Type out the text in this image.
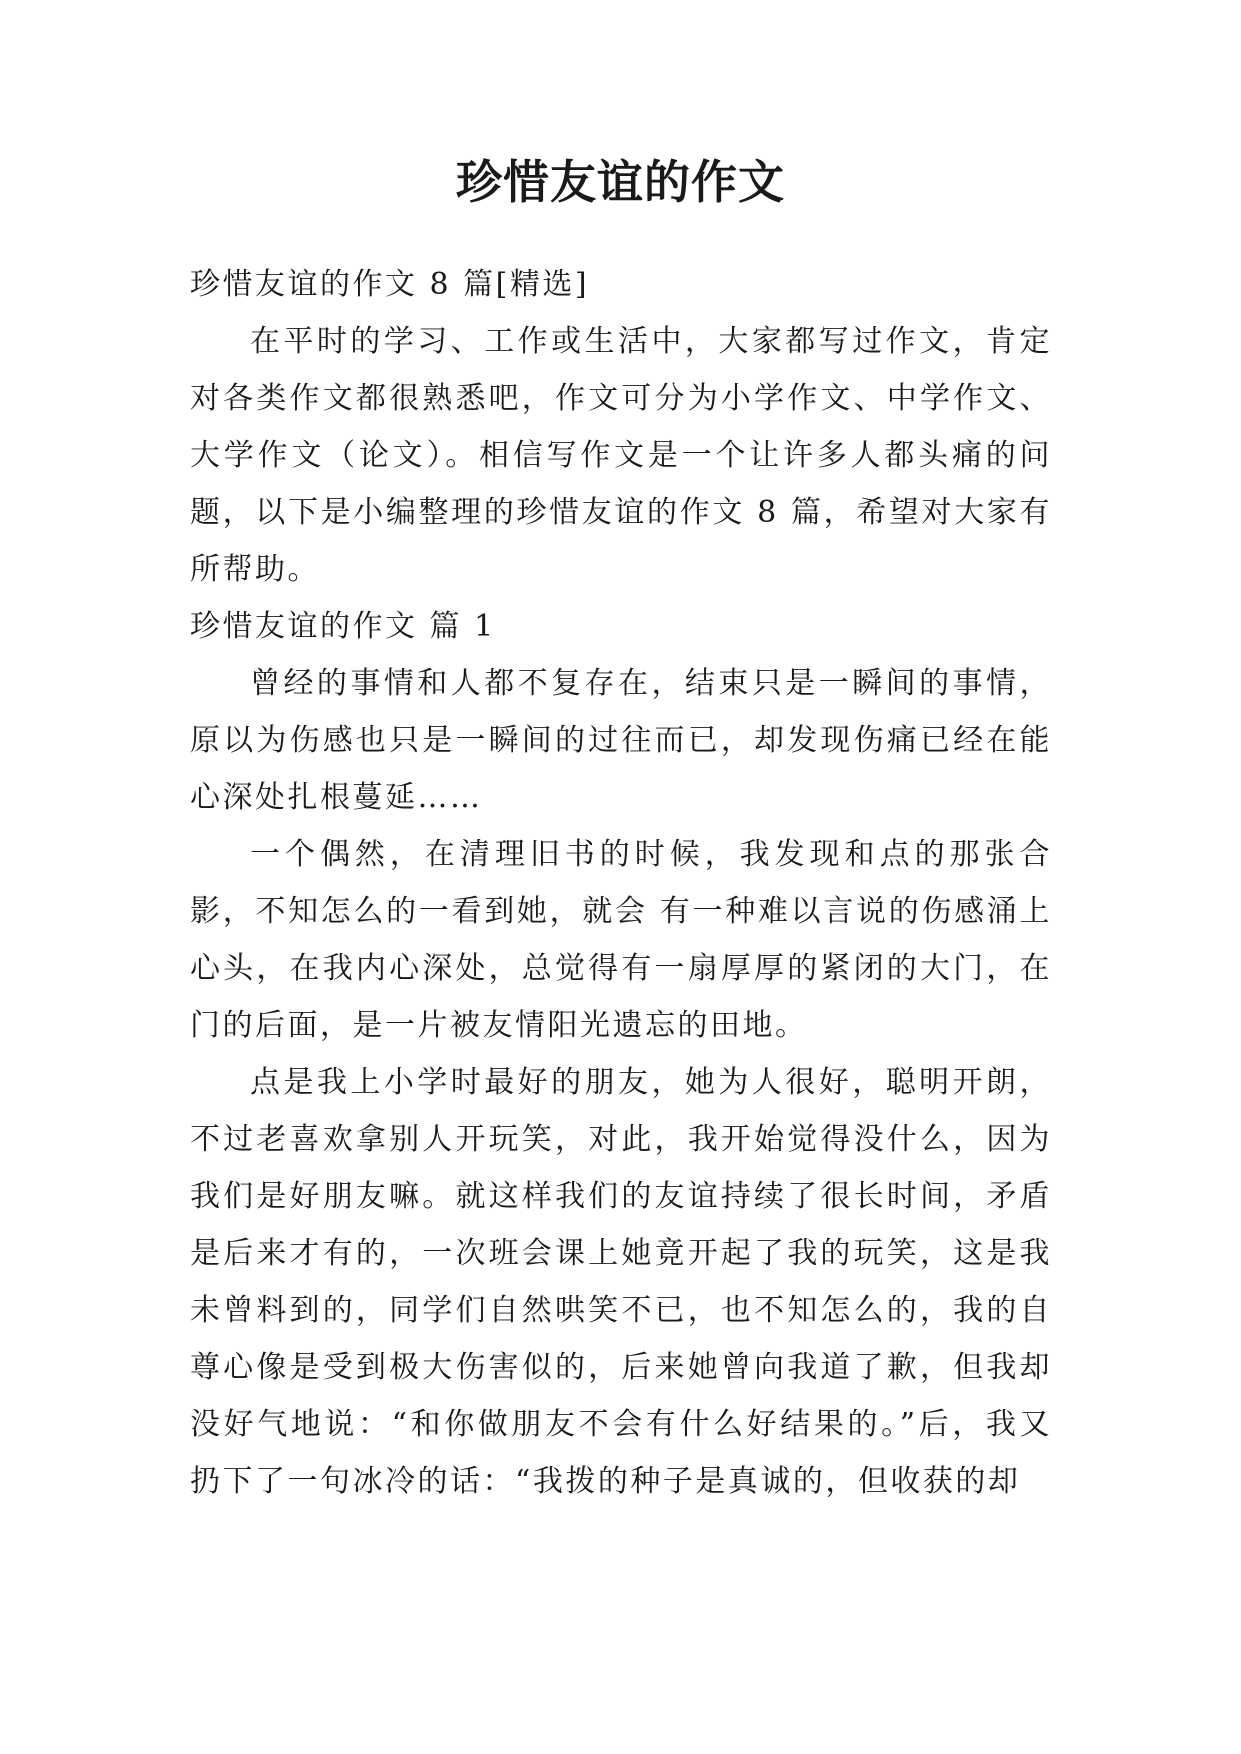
珍惜友谊的作文

珍惜友谊的作文 8 篇[精选]

在平时的学习、工作或生活中，大家都写过作文，肯定对各类作文都很熟悉吧，作文可分为小学作文、中学作文、大学作文（论文）。相信写作文是一个让许多人都头痛的问题，以下是小编整理的珍惜友谊的作文 8 篇，希望对大家有所帮助。

珍惜友谊的作文 篇 1

曾经的事情和人都不复存在，结束只是一瞬间的事情，原以为伤感也只是一瞬间的过往而已，却发现伤痛已经在能心深处扎根蔓延……

一个偶然，在清理旧书的时候，我发现和点的那张合影，不知怎么的一看到她，就会 有一种难以言说的伤感涌上心头，在我内心深处，总觉得有一扇厚厚的紧闭的大门，在门的后面，是一片被友情阳光遗忘的田地。

点是我上小学时最好的朋友，她为人很好，聪明开朗，不过老喜欢拿别人开玩笑，对此，我开始觉得没什么，因为我们是好朋友嘛。就这样我们的友谊持续了很长时间，矛盾是后来才有的，一次班会课上她竟开起了我的玩笑，这是我未曾料到的，同学们自然哄笑不已，也不知怎么的，我的自尊心像是受到极大伤害似的，后来她曾向我道了歉，但我却没好气地说：“和你做朋友不会有什么好结果的。”后，我又扔下了一句冰冷的话：“我拨的种子是真诚的，但收获的却
